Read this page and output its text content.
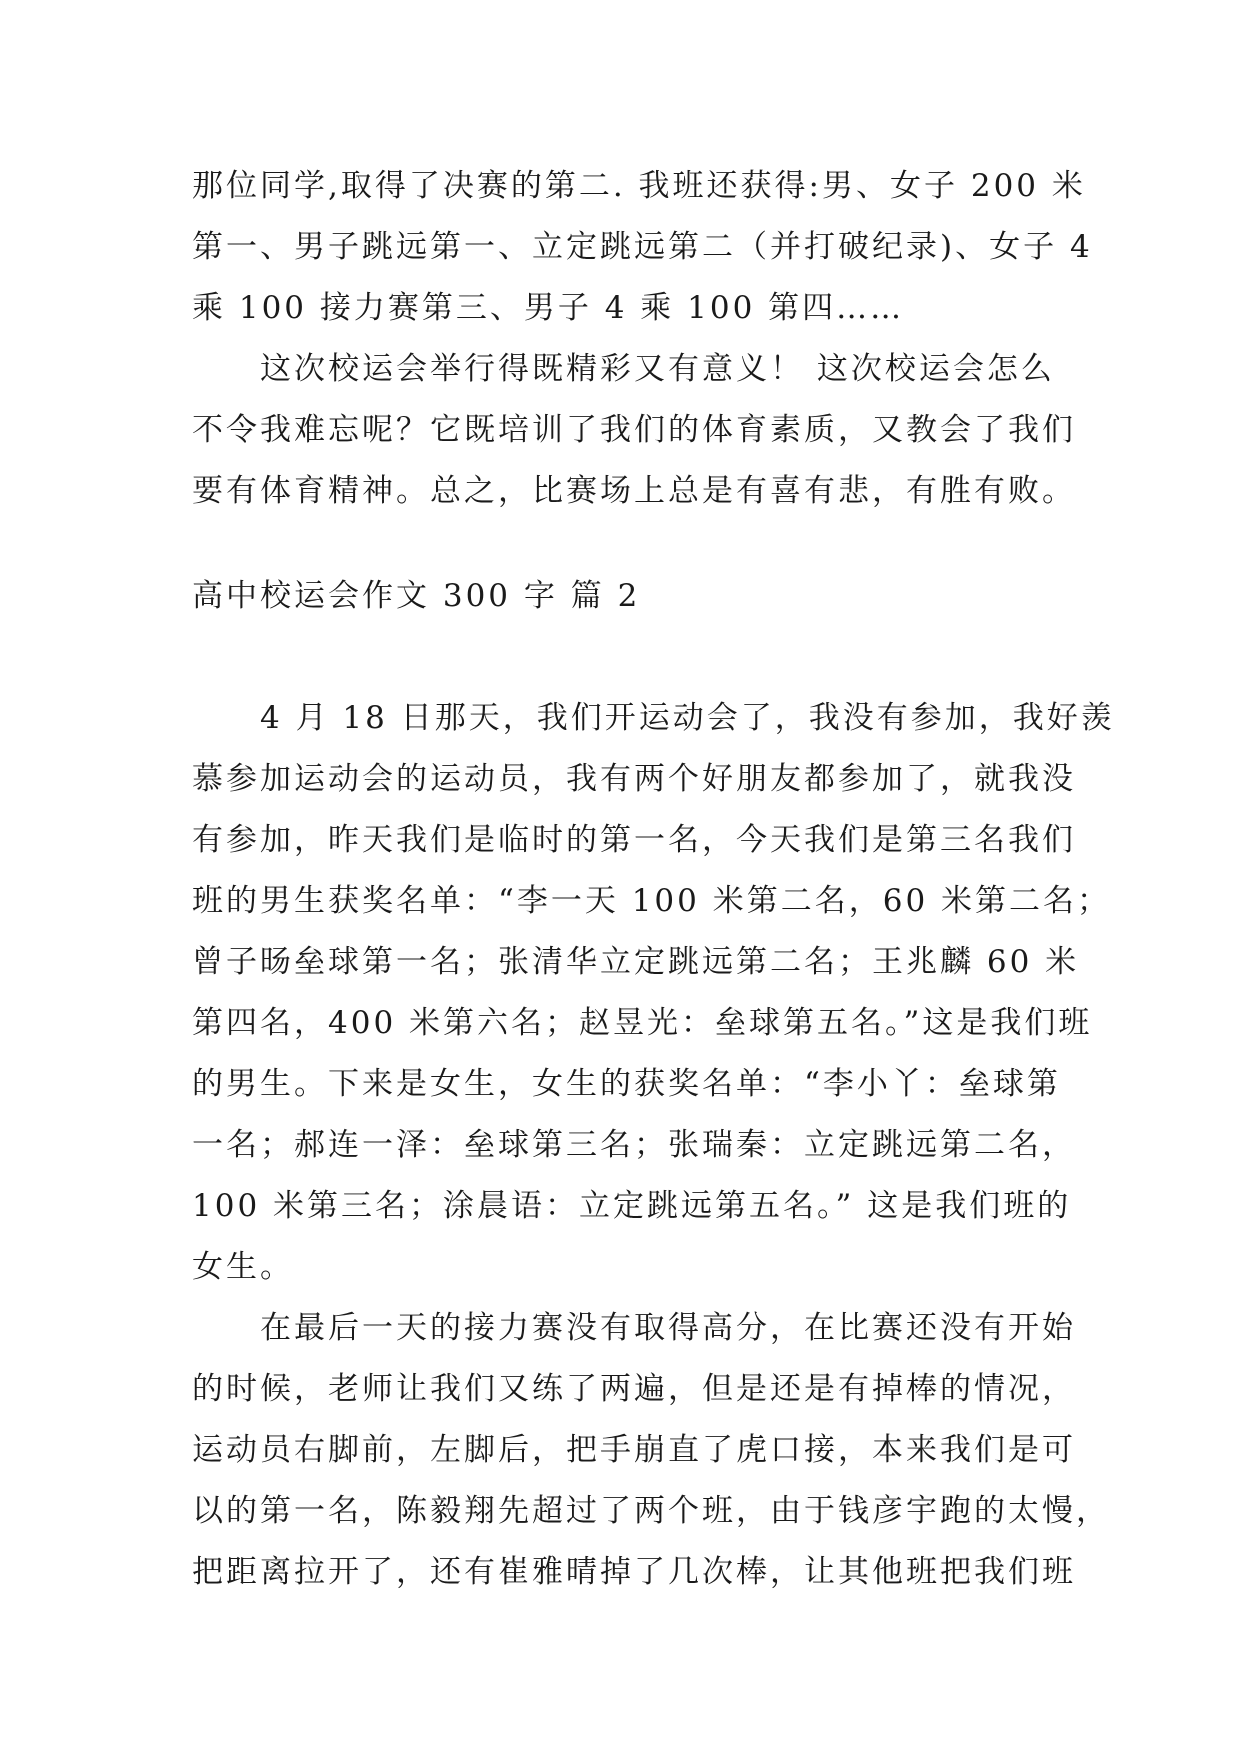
那位同学,取得了决赛的第二. 我班还获得:男、女子 200 米
第一、男子跳远第一、立定跳远第二（并打破纪录)、女子 4
乘 100 接力赛第三、男子 4 乘 100 第四……
　　这次校运会举行得既精彩又有意义！ 这次校运会怎么
不令我难忘呢？它既培训了我们的体育素质，又教会了我们
要有体育精神。总之，比赛场上总是有喜有悲，有胜有败。
高中校运会作文 300 字 篇 2
　　4 月 18 日那天，我们开运动会了，我没有参加，我好羡
慕参加运动会的运动员，我有两个好朋友都参加了，就我没
有参加，昨天我们是临时的第一名，今天我们是第三名我们
班的男生获奖名单：“李一天 100 米第二名，60 米第二名；
曾子旸垒球第一名；张清华立定跳远第二名；王兆麟 60 米
第四名，400 米第六名；赵昱光：垒球第五名。”这是我们班
的男生。下来是女生，女生的获奖名单：“李小丫：垒球第
一名；郝连一泽：垒球第三名；张瑞秦：立定跳远第二名，
100 米第三名；涂晨语：立定跳远第五名。” 这是我们班的
女生。
　　在最后一天的接力赛没有取得高分，在比赛还没有开始
的时候，老师让我们又练了两遍，但是还是有掉棒的情况，
运动员右脚前，左脚后，把手崩直了虎口接，本来我们是可
以的第一名，陈毅翔先超过了两个班，由于钱彦宇跑的太慢，
把距离拉开了，还有崔雅晴掉了几次棒，让其他班把我们班
